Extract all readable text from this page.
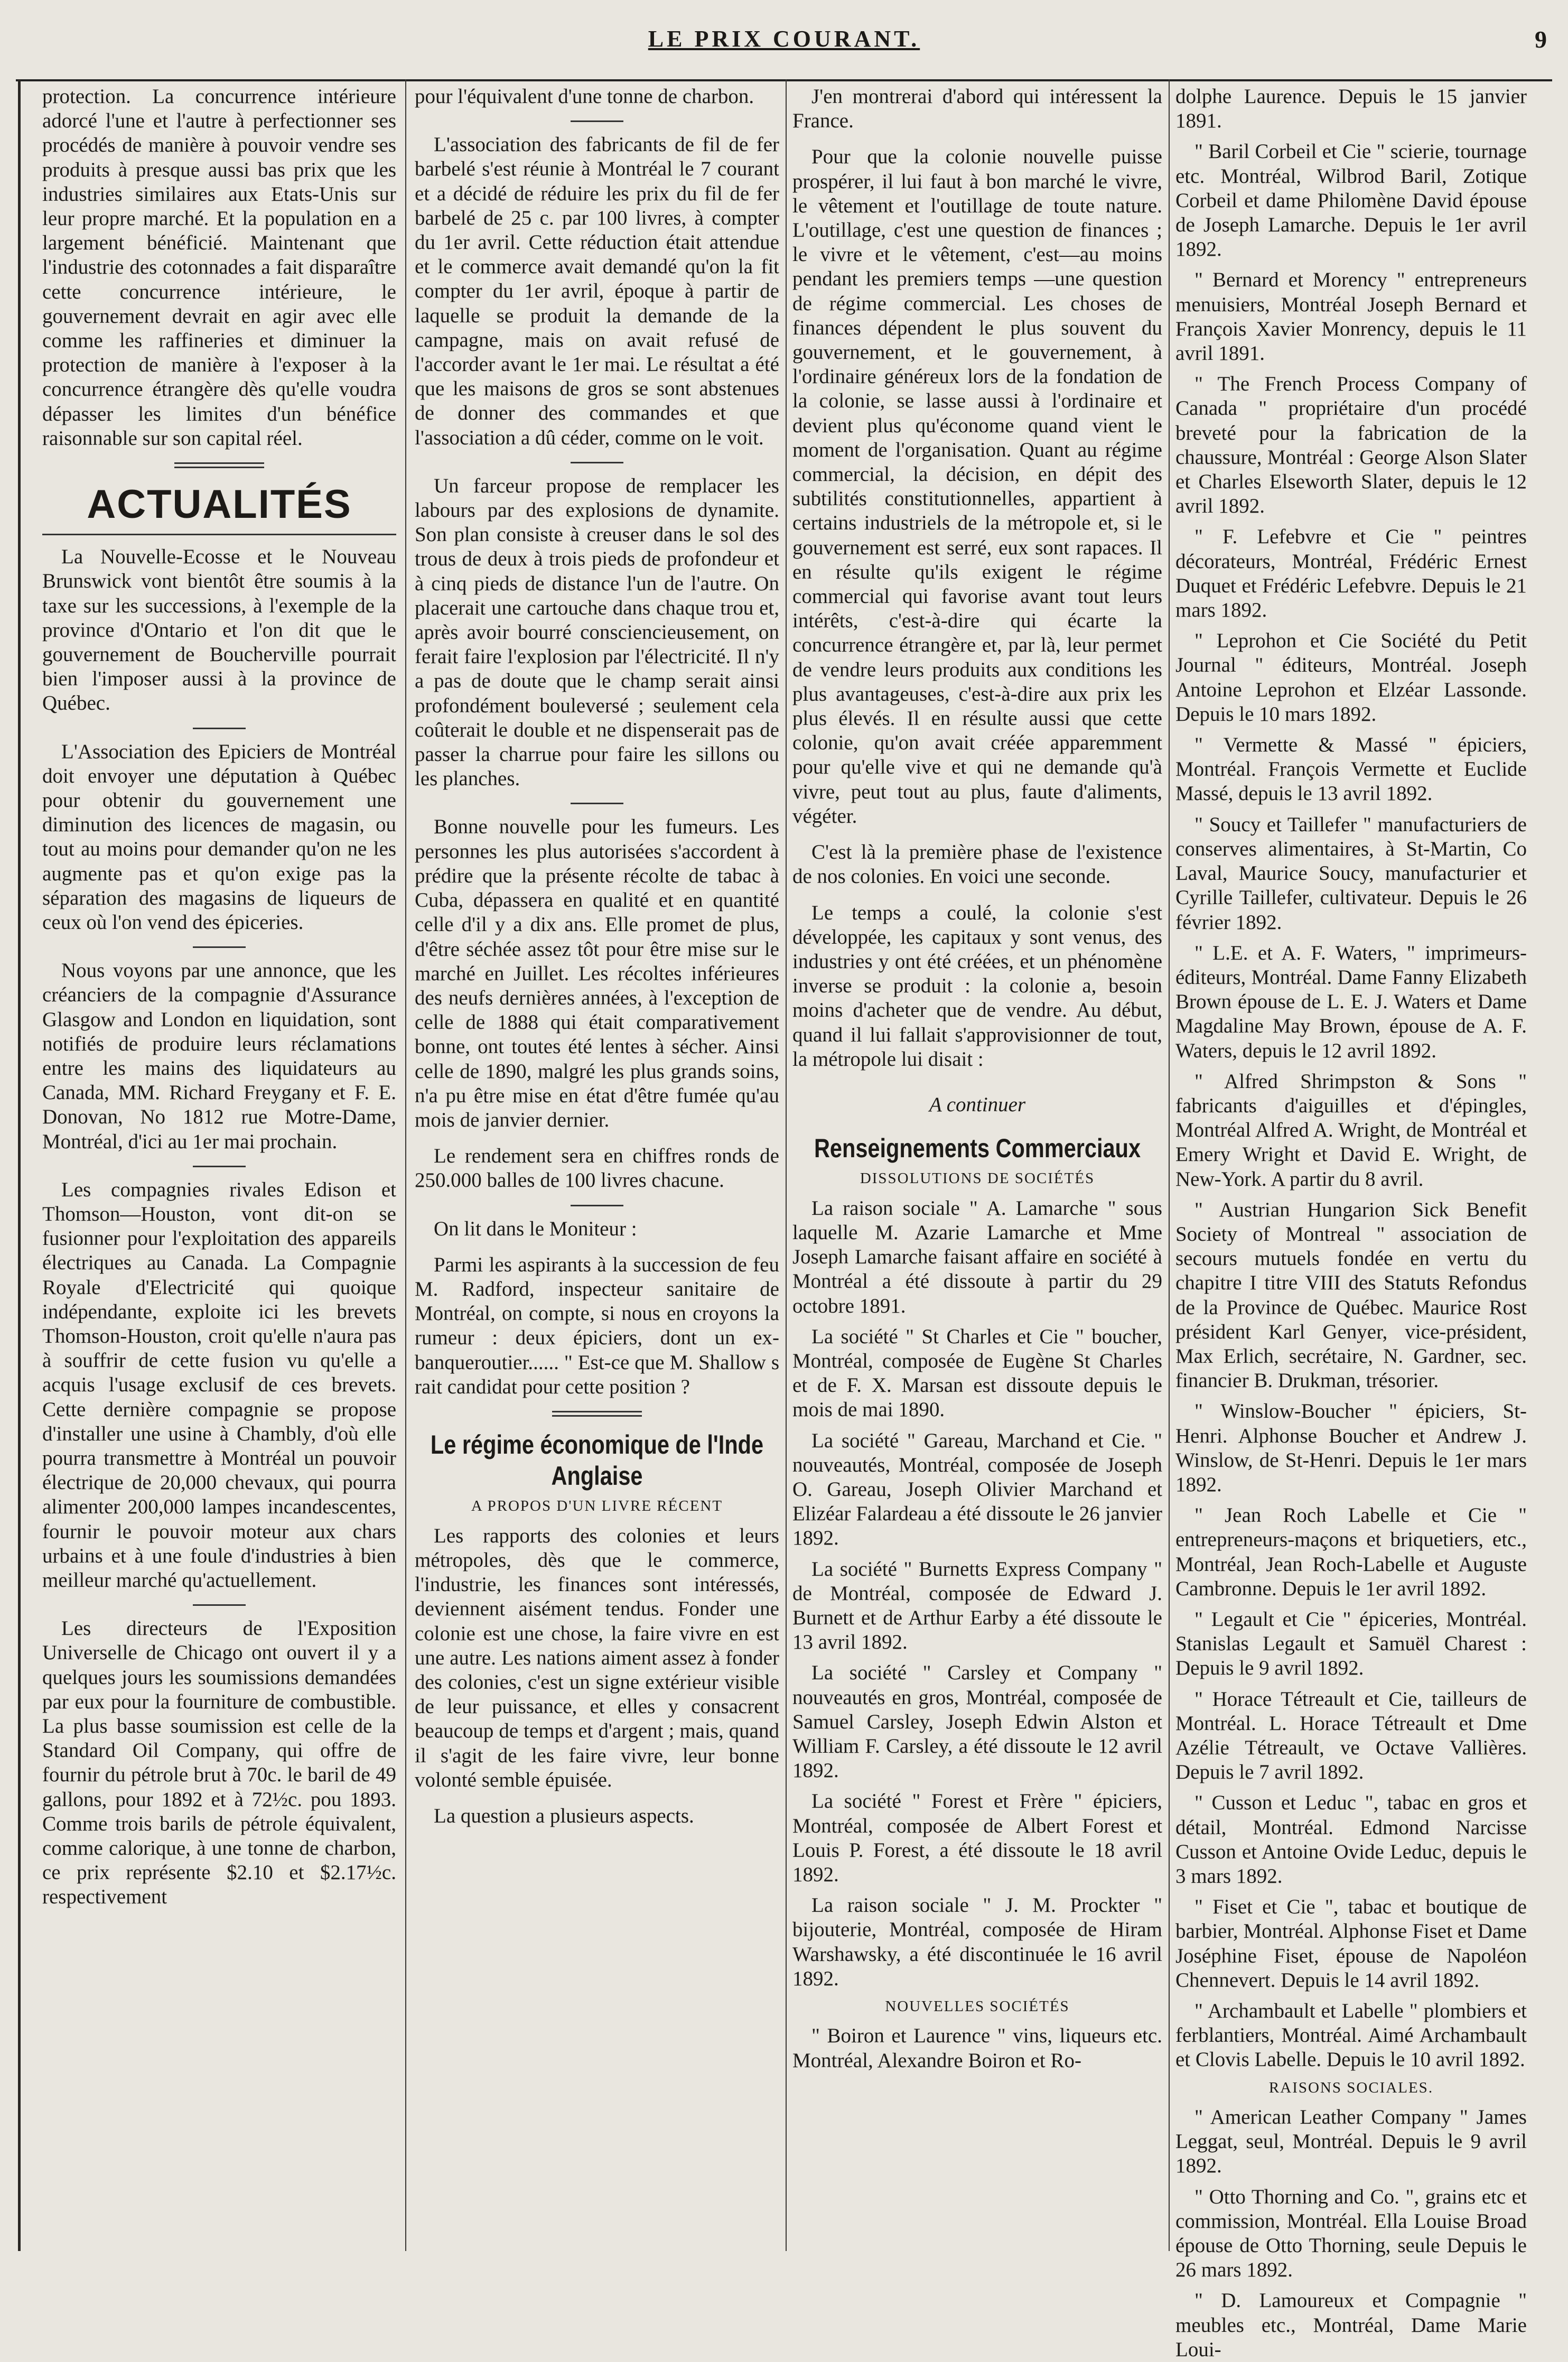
LE PRIX COURANT.	9

protection. La concurrence intérieure adorcé l'une et l'autre à perfectionner ses procédés de manière à pouvoir vendre ses produits à presque aussi bas prix que les industries similaires aux Etats-Unis sur leur propre marché. Et la population en a largement bénéficié. Maintenant que l'industrie des cotonnades a fait disparaître cette concurrence intérieure, le gouvernement devrait en agir avec elle comme les raffineries et diminuer la protection de manière à l'exposer à la concurrence étrangère dès qu'elle voudra dépasser les limites d'un bénéfice raisonnable sur son capital réel.

ACTUALITÉS

La Nouvelle-Ecosse et le Nouveau Brunswick vont bientôt être soumis à la taxe sur les successions, à l'exemple de la province d'Ontario et l'on dit que le gouvernement de Boucherville pourrait bien l'imposer aussi à la province de Québec.

L'Association des Epiciers de Montréal doit envoyer une députation à Québec pour obtenir du gouvernement une diminution des licences de magasin, ou tout au moins pour demander qu'on ne les augmente pas et qu'on exige pas la séparation des magasins de liqueurs de ceux où l'on vend des épiceries.

Nous voyons par une annonce, que les créanciers de la compagnie d'Assurance Glasgow and London en liquidation, sont notifiés de produire leurs réclamations entre les mains des liquidateurs au Canada, MM. Richard Freygany et F. E. Donovan, No 1812 rue Motre-Dame, Montréal, d'ici au 1er mai prochain.

Les compagnies rivales Edison et Thomson—Houston, vont dit-on se fusionner pour l'exploitation des appareils électriques au Canada. La Compagnie Royale d'Electricité qui quoique indépendante, exploite ici les brevets Thomson-Houston, croit qu'elle n'aura pas à souffrir de cette fusion vu qu'elle a acquis l'usage exclusif de ces brevets. Cette dernière compagnie se propose d'installer une usine à Chambly, d'où elle pourra transmettre à Montréal un pouvoir électrique de 20,000 chevaux, qui pourra alimenter 200,000 lampes incandescentes, fournir le pouvoir moteur aux chars urbains et à une foule d'industries à bien meilleur marché qu'actuellement.

Les directeurs de l'Exposition Universelle de Chicago ont ouvert il y a quelques jours les soumissions demandées par eux pour la fourniture de combustible. La plus basse soumission est celle de la Standard Oil Company, qui offre de fournir du pétrole brut à 70c. le baril de 49 gallons, pour 1892 et à 72½c. pou 1893. Comme trois barils de pétrole équivalent, comme calorique, à une tonne de charbon, ce prix représente $2.10 et $2.17½c. respectivement

pour l'équivalent d'une tonne de charbon.

L'association des fabricants de fil de fer barbelé s'est réunie à Montréal le 7 courant et a décidé de réduire les prix du fil de fer barbelé de 25 c. par 100 livres, à compter du 1er avril. Cette réduction était attendue et le commerce avait demandé qu'on la fit compter du 1er avril, époque à partir de laquelle se produit la demande de la campagne, mais on avait refusé de l'accorder avant le 1er mai. Le résultat a été que les maisons de gros se sont abstenues de donner des commandes et que l'association a dû céder, comme on le voit.

Un farceur propose de remplacer les labours par des explosions de dynamite. Son plan consiste à creuser dans le sol des trous de deux à trois pieds de profondeur et à cinq pieds de distance l'un de l'autre. On placerait une cartouche dans chaque trou et, après avoir bourré consciencieusement, on ferait faire l'explosion par l'électricité. Il n'y a pas de doute que le champ serait ainsi profondément bouleversé ; seulement cela coûterait le double et ne dispenserait pas de passer la charrue pour faire les sillons ou les planches.

Bonne nouvelle pour les fumeurs. Les personnes les plus autorisées s'accordent à prédire que la présente récolte de tabac à Cuba, dépassera en qualité et en quantité celle d'il y a dix ans. Elle promet de plus, d'être séchée assez tôt pour être mise sur le marché en Juillet. Les récoltes inférieures des neufs dernières années, à l'exception de celle de 1888 qui était comparativement bonne, ont toutes été lentes à sécher. Ainsi celle de 1890, malgré les plus grands soins, n'a pu être mise en état d'être fumée qu'au mois de janvier dernier.

Le rendement sera en chiffres ronds de 250.000 balles de 100 livres chacune.

On lit dans le Moniteur :

Parmi les aspirants à la succession de feu M. Radford, inspecteur sanitaire de Montréal, on compte, si nous en croyons la rumeur : deux épiciers, dont un ex-banqueroutier...... " Est-ce que M. Shallow s rait candidat pour cette position ?

Le régime économique de l'Inde Anglaise
A PROPOS D'UN LIVRE RÉCENT

Les rapports des colonies et leurs métropoles, dès que le commerce, l'industrie, les finances sont intéressés, deviennent aisément tendus. Fonder une colonie est une chose, la faire vivre en est une autre. Les nations aiment assez à fonder des colonies, c'est un signe extérieur visible de leur puissance, et elles y consacrent beaucoup de temps et d'argent ; mais, quand il s'agit de les faire vivre, leur bonne volonté semble épuisée.

La question a plusieurs aspects.

J'en montrerai d'abord qui intéressent la France.

Pour que la colonie nouvelle puisse prospérer, il lui faut à bon marché le vivre, le vêtement et l'outillage de toute nature. L'outillage, c'est une question de finances ; le vivre et le vêtement, c'est—au moins pendant les premiers temps —une question de régime commercial. Les choses de finances dépendent le plus souvent du gouvernement, et le gouvernement, à l'ordinaire généreux lors de la fondation de la colonie, se lasse aussi à l'ordinaire et devient plus qu'économe quand vient le moment de l'organisation. Quant au régime commercial, la décision, en dépit des subtilités constitutionnelles, appartient à certains industriels de la métropole et, si le gouvernement est serré, eux sont rapaces. Il en résulte qu'ils exigent le régime commercial qui favorise avant tout leurs intérêts, c'est-à-dire qui écarte la concurrence étrangère et, par là, leur permet de vendre leurs produits aux conditions les plus avantageuses, c'est-à-dire aux prix les plus élevés. Il en résulte aussi que cette colonie, qu'on avait créée apparemment pour qu'elle vive et qui ne demande qu'à vivre, peut tout au plus, faute d'aliments, végéter.

C'est là la première phase de l'existence de nos colonies. En voici une seconde.

Le temps a coulé, la colonie s'est développée, les capitaux y sont venus, des industries y ont été créées, et un phénomène inverse se produit : la colonie a, besoin moins d'acheter que de vendre. Au début, quand il lui fallait s'approvisionner de tout, la métropole lui disait :

A continuer
Renseignements Commerciaux
DISSOLUTIONS DE SOCIÉTÉS

La raison sociale " A. Lamarche " sous laquelle M. Azarie Lamarche et Mme Joseph Lamarche faisant affaire en société à Montréal a été dissoute à partir du 29 octobre 1891.

La société " St Charles et Cie " boucher, Montréal, composée de Eugène St Charles et de F. X. Marsan est dissoute depuis le mois de mai 1890.

La société " Gareau, Marchand et Cie. " nouveautés, Montréal, composée de Joseph O. Gareau, Joseph Olivier Marchand et Elizéar Falardeau a été dissoute le 26 janvier 1892.

La société " Burnetts Express Company " de Montréal, composée de Edward J. Burnett et de Arthur Earby a été dissoute le 13 avril 1892.

La société " Carsley et Company " nouveautés en gros, Montréal, composée de Samuel Carsley, Joseph Edwin Alston et William F. Carsley, a été dissoute le 12 avril 1892.

La société " Forest et Frère " épiciers, Montréal, composée de Albert Forest et Louis P. Forest, a été dissoute le 18 avril 1892.

La raison sociale " J. M. Prockter " bijouterie, Montréal, composée de Hiram Warshawsky, a été discontinuée le 16 avril 1892.

NOUVELLES SOCIÉTÉS

" Boiron et Laurence " vins, liqueurs etc. Montréal, Alexandre Boiron et Ro-

dolphe Laurence. Depuis le 15 janvier 1891.

" Baril Corbeil et Cie " scierie, tournage etc. Montréal, Wilbrod Baril, Zotique Corbeil et dame Philomène David épouse de Joseph Lamarche. Depuis le 1er avril 1892.

" Bernard et Morency " entrepreneurs menuisiers, Montréal Joseph Bernard et François Xavier Monrency, depuis le 11 avril 1891.

" The French Process Company of Canada " propriétaire d'un procédé breveté pour la fabrication de la chaussure, Montréal : George Alson Slater et Charles Elseworth Slater, depuis le 12 avril 1892.

" F. Lefebvre et Cie " peintres décorateurs, Montréal, Frédéric Ernest Duquet et Frédéric Lefebvre. Depuis le 21 mars 1892.

" Leprohon et Cie Société du Petit Journal " éditeurs, Montréal. Joseph Antoine Leprohon et Elzéar Lassonde. Depuis le 10 mars 1892.

" Vermette & Massé " épiciers, Montréal. François Vermette et Euclide Massé, depuis le 13 avril 1892.

" Soucy et Taillefer " manufacturiers de conserves alimentaires, à St-Martin, Co Laval, Maurice Soucy, manufacturier et Cyrille Taillefer, cultivateur. Depuis le 26 février 1892.

" L.E. et A. F. Waters, " imprimeurs-éditeurs, Montréal. Dame Fanny Elizabeth Brown épouse de L. E. J. Waters et Dame Magdaline May Brown, épouse de A. F. Waters, depuis le 12 avril 1892.

" Alfred Shrimpston & Sons " fabricants d'aiguilles et d'épingles, Montréal Alfred A. Wright, de Montréal et Emery Wright et David E. Wright, de New-York. A partir du 8 avril.

" Austrian Hungarion Sick Benefit Society of Montreal " association de secours mutuels fondée en vertu du chapitre I titre VIII des Statuts Refondus de la Province de Québec. Maurice Rost président Karl Genyer, vice-président, Max Erlich, secrétaire, N. Gardner, sec. financier B. Drukman, trésorier.

" Winslow-Boucher " épiciers, St-Henri. Alphonse Boucher et Andrew J. Winslow, de St-Henri. Depuis le 1er mars 1892.

" Jean Roch Labelle et Cie " entrepreneurs-maçons et briquetiers, etc., Montréal, Jean Roch-Labelle et Auguste Cambronne. Depuis le 1er avril 1892.

" Legault et Cie " épiceries, Montréal. Stanislas Legault et Samuël Charest : Depuis le 9 avril 1892.

" Horace Tétreault et Cie, tailleurs de Montréal. L. Horace Tétreault et Dme Azélie Tétreault, ve Octave Vallières. Depuis le 7 avril 1892.

" Cusson et Leduc ", tabac en gros et détail, Montréal. Edmond Narcisse Cusson et Antoine Ovide Leduc, depuis le 3 mars 1892.

" Fiset et Cie ", tabac et boutique de barbier, Montréal. Alphonse Fiset et Dame Joséphine Fiset, épouse de Napoléon Chennevert. Depuis le 14 avril 1892.

" Archambault et Labelle " plombiers et ferblantiers, Montréal. Aimé Archambault et Clovis Labelle. Depuis le 10 avril 1892.

RAISONS SOCIALES.

" American Leather Company " James Leggat, seul, Montréal. Depuis le 9 avril 1892.

" Otto Thorning and Co. ", grains etc et commission, Montréal. Ella Louise Broad épouse de Otto Thorning, seule Depuis le 26 mars 1892.

" D. Lamoureux et Compagnie " meubles etc., Montréal, Dame Marie Loui-
